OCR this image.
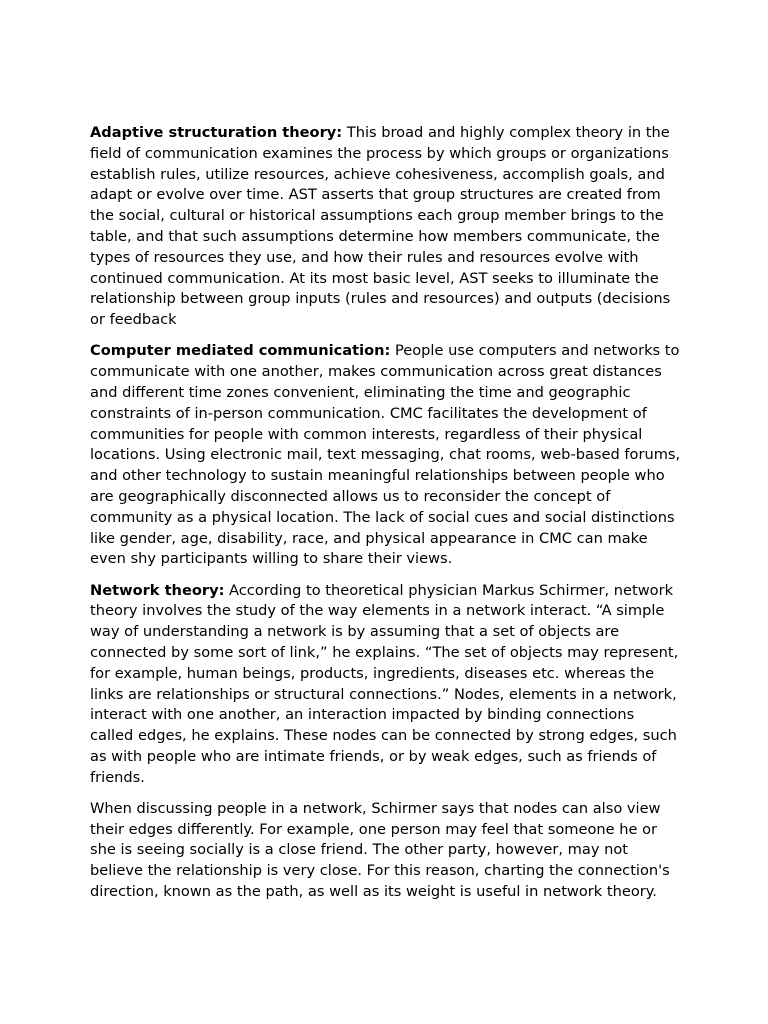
Adaptive structuration theory: This broad and highly complex theory in the field of communication examines the process by which groups or organizations establish rules, utilize resources, achieve cohesiveness, accomplish goals, and adapt or evolve over time. AST asserts that group structures are created from the social, cultural or historical assumptions each group member brings to the table, and that such assumptions determine how members communicate, the types of resources they use, and how their rules and resources evolve with continued communication. At its most basic level, AST seeks to illuminate the relationship between group inputs (rules and resources) and outputs (decisions or feedback

Computer mediated communication: People use computers and networks to communicate with one another, makes communication across great distances and different time zones convenient, eliminating the time and geographic constraints of in-person communication. CMC facilitates the development of communities for people with common interests, regardless of their physical locations. Using electronic mail, text messaging, chat rooms, web-based forums, and other technology to sustain meaningful relationships between people who are geographically disconnected allows us to reconsider the concept of community as a physical location. The lack of social cues and social distinctions like gender, age, disability, race, and physical appearance in CMC can make even shy participants willing to share their views.

Network theory: According to theoretical physician Markus Schirmer, network theory involves the study of the way elements in a network interact. “A simple way of understanding a network is by assuming that a set of objects are connected by some sort of link,” he explains. “The set of objects may represent, for example, human beings, products, ingredients, diseases etc. whereas the links are relationships or structural connections.” Nodes, elements in a network, interact with one another, an interaction impacted by binding connections called edges, he explains. These nodes can be connected by strong edges, such as with people who are intimate friends, or by weak edges, such as friends of friends.

When discussing people in a network, Schirmer says that nodes can also view their edges differently. For example, one person may feel that someone he or she is seeing socially is a close friend. The other party, however, may not believe the relationship is very close. For this reason, charting the connection's direction, known as the path, as well as its weight is useful in network theory.
